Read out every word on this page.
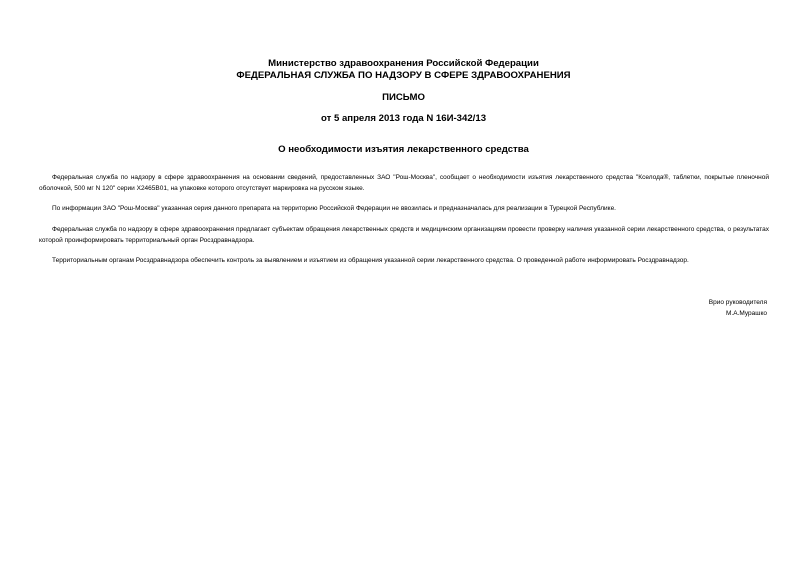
Министерство здравоохранения Российской Федерации
ФЕДЕРАЛЬНАЯ СЛУЖБА ПО НАДЗОРУ В СФЕРЕ ЗДРАВООХРАНЕНИЯ
ПИСЬМО
от 5 апреля 2013 года N 16И-342/13
О необходимости изъятия лекарственного средства

Федеральная служба по надзору в сфере здравоохранения на основании сведений, предоставленных ЗАО "Рош-Москва", сообщает о необходимости изъятия лекарственного средства "Кселода®, таблетки, покрытые пленочной оболочкой, 500 мг N 120" серии Х2465В01, на упаковке которого отсутствует маркировка на русском языке.

По информации ЗАО "Рош-Москва" указанная серия данного препарата на территорию Российской Федерации не ввозилась и предназначалась для реализации в Турецкой Республике.

Федеральная служба по надзору в сфере здравоохранения предлагает субъектам обращения лекарственных средств и медицинским организациям провести проверку наличия указанной серии лекарственного средства, о результатах которой проинформировать территориальный орган Росздравнадзора.

Территориальным органам Росздравнадзора обеспечить контроль за выявлением и изъятием из обращения указанной серии лекарственного средства. О проведенной работе информировать Росздравнадзор.

Врио руководителя
М.А.Мурашко
